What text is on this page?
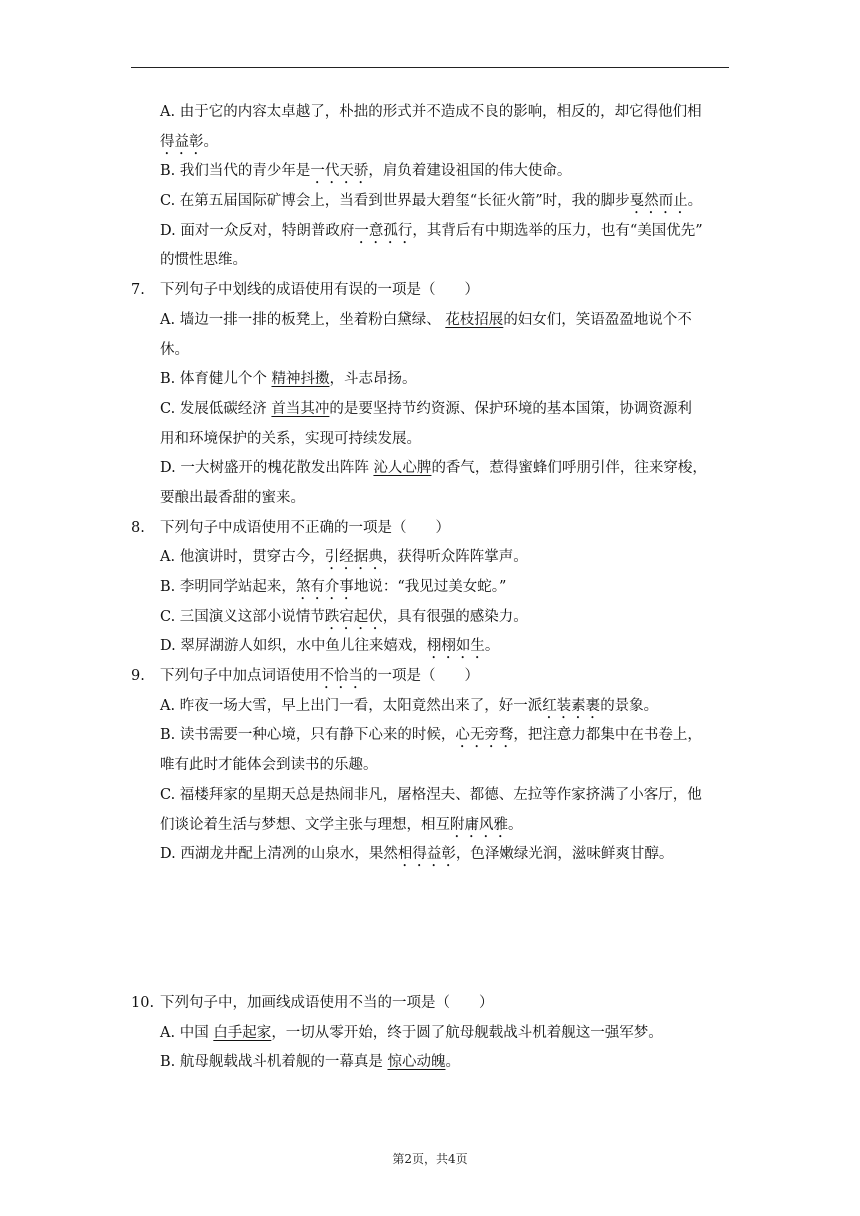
A. 由于它的内容太卓越了，朴拙的形式并不造成不良的影响，相反的，却它得他们相
得益彰。
B. 我们当代的青少年是一代天骄，肩负着建设祖国的伟大使命。
C. 在第五届国际矿博会上，当看到世界最大碧玺“长征火箭”时，我的脚步戛然而止。
D. 面对一众反对，特朗普政府一意孤行，其背后有中期选举的压力，也有“美国优先”
的惯性思维。
7.	下列句子中划线的成语使用有误的一项是（　　）
A. 墙边一排一排的板凳上，坐着粉白黛绿、 花枝招展的妇女们，笑语盈盈地说个不
休。
B. 体育健儿个个 精神抖擞，斗志昂扬。
C. 发展低碳经济 首当其冲的是要坚持节约资源、保护环境的基本国策，协调资源利
用和环境保护的关系，实现可持续发展。
D. 一大树盛开的槐花散发出阵阵 沁人心脾的香气，惹得蜜蜂们呼朋引伴，往来穿梭，
要酿出最香甜的蜜来。
8.	下列句子中成语使用不正确的一项是（　　）
A. 他演讲时，贯穿古今，引经据典，获得听众阵阵掌声。
B. 李明同学站起来，煞有介事地说：“我见过美女蛇。”
C. 三国演义这部小说情节跌宕起伏，具有很强的感染力。
D. 翠屏湖游人如织，水中鱼儿往来嬉戏，栩栩如生。
9.	下列句子中加点词语使用不恰当的一项是（　　）
A. 昨夜一场大雪，早上出门一看，太阳竟然出来了，好一派红装素裹的景象。
B. 读书需要一种心境，只有静下心来的时候，心无旁骛，把注意力都集中在书卷上，
唯有此时才能体会到读书的乐趣。
C. 福楼拜家的星期天总是热闹非凡，屠格涅夫、都德、左拉等作家挤满了小客厅，他
们谈论着生活与梦想、文学主张与理想，相互附庸风雅。
D. 西湖龙井配上清冽的山泉水，果然相得益彰，色泽嫩绿光润，滋味鲜爽甘醇。
10. 下列句子中，加画线成语使用不当的一项是（　　）
A. 中国 白手起家，一切从零开始，终于圆了航母舰载战斗机着舰这一强军梦。
B. 航母舰载战斗机着舰的一幕真是 惊心动魄。
第2页，共4页
